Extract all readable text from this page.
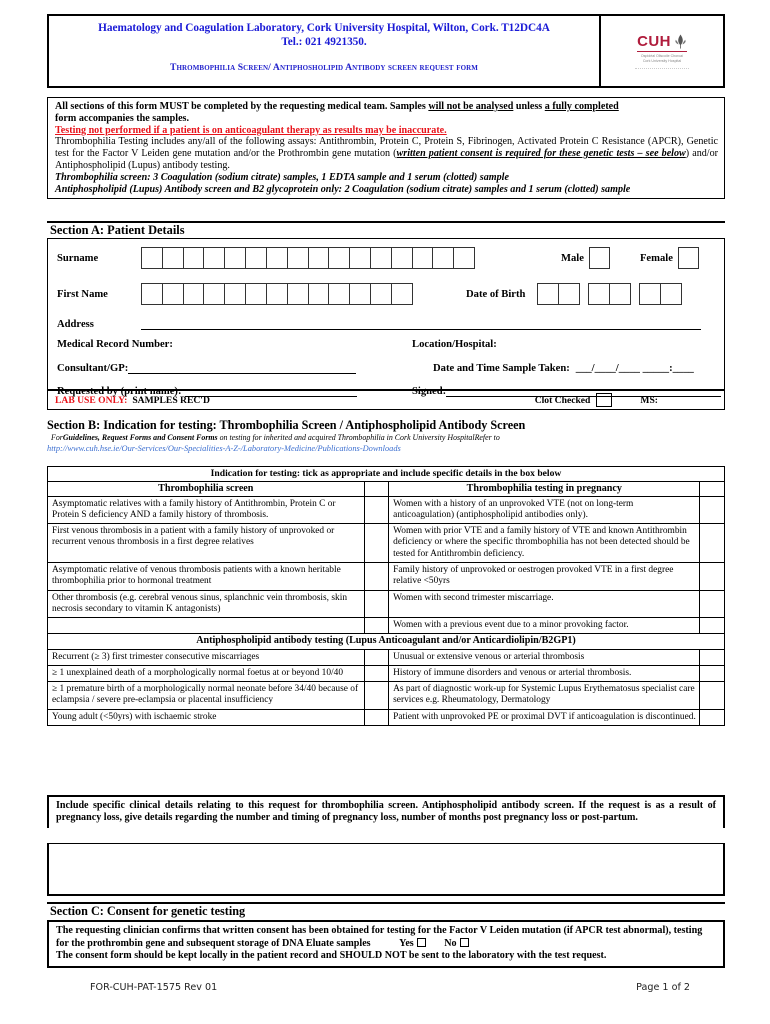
Haematology and Coagulation Laboratory, Cork University Hospital, Wilton, Cork. T12DC4A
Tel.: 021 4921350.
Thrombophilia Screen/ Antiphosholipid Antibody screen request form
CUH
Ospidéal Ollscoile Chorcaí
Cork University Hospital

All sections of this form MUST be completed by the requesting medical team. Samples will not be analysed unless a fully completed

form accompanies the samples.

Testing not performed if a patient is on anticoagulant therapy as results may be inaccurate.

Thrombophilia Testing includes any/all of the following assays: Antithrombin, Protein C, Protein S, Fibrinogen, Activated Protein C Resistance (APCR), Genetic test for the Factor V Leiden gene mutation and/or the Prothrombin gene mutation (written patient consent is required for these genetic tests – see below) and/or Antiphospholipid (Lupus) antibody testing.

Thrombophilia screen: 3 Coagulation (sodium citrate) samples, 1 EDTA sample and 1 serum (clotted) sample

Antiphospholipid (Lupus) Antibody screen and B2 glycoprotein only: 2 Coagulation (sodium citrate) samples and 1 serum (clotted) sample

Section A: Patient Details
Surname	Male	Female
First Name	Date of Birth
Address
Medical Record Number:	Location/Hospital:
Consultant/GP:	Date and Time Sample Taken: ___/____/____ _____:____
Requested by (print name):	Signed:
LAB USE ONLY: SAMPLES REC'D	Clot Checked	MS:
Section B: Indication for testing: Thrombophilia Screen / Antiphospholipid Antibody Screen
ForGuidelines, Request Forms and Consent Forms on testing for inherited and acquired Thrombophilia in Cork University HospitalRefer to
http://www.cuh.hse.ie/Our-Services/Our-Specialities-A-Z-/Laboratory-Medicine/Publications-Downloads
Indication for testing: tick as appropriate and include specific details in the box below			
Thrombophilia screen		Thrombophilia testing in pregnancy	
Asymptomatic relatives with a family history of Antithrombin, Protein C or Protein S deficiency AND a family history of thrombosis.		Women with a history of an unprovoked VTE (not on long-term anticoagulation) (antiphospholipid antibodies only).	
First venous thrombosis in a patient with a family history of unprovoked or recurrent venous thrombosis in a first degree relatives		Women with prior VTE and a family history of VTE and known Antithrombin deficiency or where the specific thrombophilia has not been detected should be tested for Antithrombin deficiency.	
Asymptomatic relative of venous thrombosis patients with a known heritable thrombophilia prior to hormonal treatment		Family history of unprovoked or oestrogen provoked VTE in a first degree relative <50yrs	
Other thrombosis (e.g. cerebral venous sinus, splanchnic vein thrombosis, skin necrosis secondary to vitamin K antagonists)		Women with second trimester miscarriage.	
		Women with a previous event due to a minor provoking factor.	
Antiphospholipid antibody testing (Lupus Anticoagulant and/or Anticardiolipin/B2GP1)			
Recurrent (≥ 3) first trimester consecutive miscarriages		Unusual or extensive venous or arterial thrombosis	
≥ 1 unexplained death of a morphologically normal foetus at or beyond 10/40		History of immune disorders and venous or arterial thrombosis.	
≥ 1 premature birth of a morphologically normal neonate before 34/40 because of eclampsia / severe pre-eclampsia or placental insufficiency		As part of diagnostic work-up for Systemic Lupus Erythematosus specialist care services e.g. Rheumatology, Dermatology	
Young adult (<50yrs) with ischaemic stroke		Patient with unprovoked PE or proximal DVT if anticoagulation is discontinued.	
Include specific clinical details relating to this request for thrombophilia screen. Antiphospholipid antibody screen. If the request is as a result of pregnancy loss, give details regarding the number and timing of pregnancy loss, number of months post pregnancy loss or post-partum.
Section C: Consent for genetic testing
The requesting clinician confirms that written consent has been obtained for testing for the Factor V Leiden mutation (if APCR test abnormal), testing for the prothrombin gene and subsequent storage of DNA Eluate samples	Yes	No
The consent form should be kept locally in the patient record and SHOULD NOT be sent to the laboratory with the test request.
FOR-CUH-PAT-1575 Rev 01	Page 1 of 2
